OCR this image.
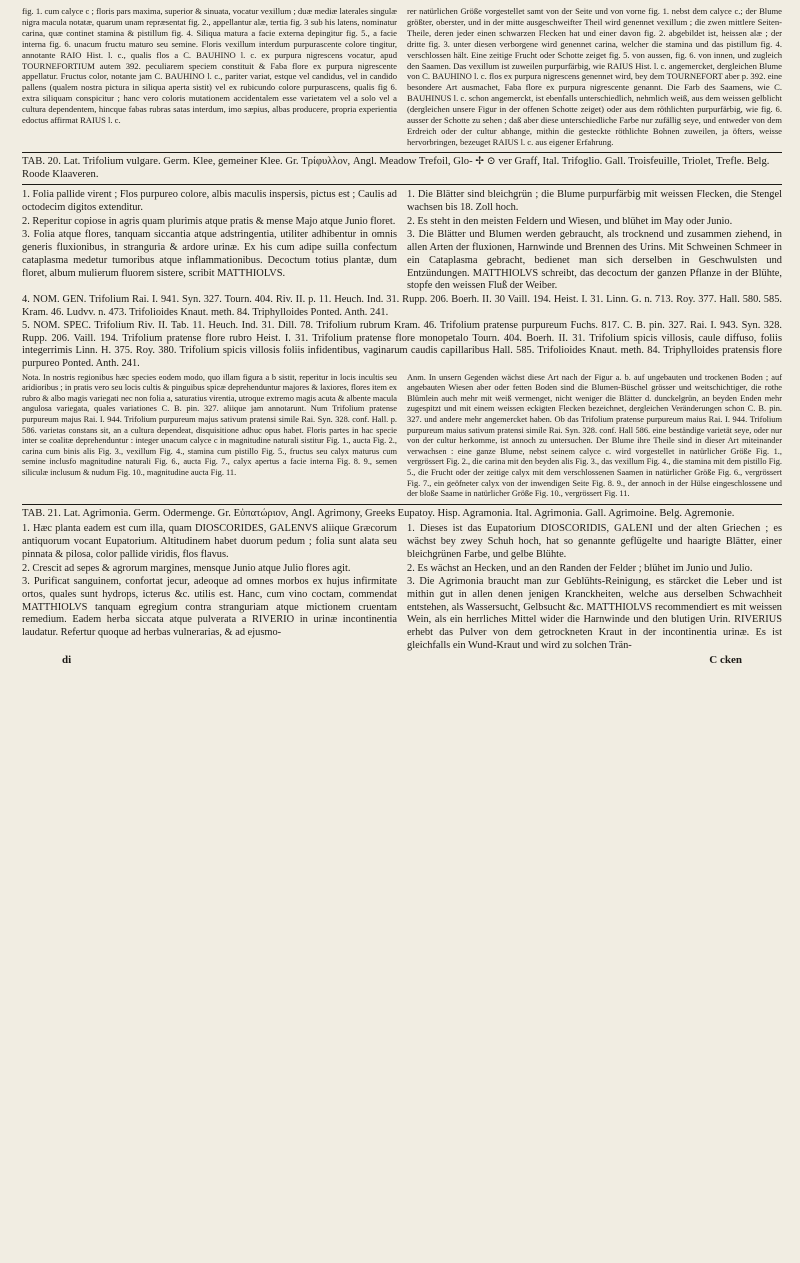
fig. 1. cum calyce c ; floris pars maxima, superior & sinuata, vocatur vexillum ; duæ mediæ laterales singulæ nigra macula notatæ, quarum unam repræsentat fig. 2., appellantur alæ, tertia fig. 3 sub his latens, nominatur carina, quæ continet stamina & pistillum fig. 4. Siliqua matura a facie externa depingitur fig. 5., a facie interna fig. 6. unacum fructu maturo seu semine. Floris vexillum interdum purpurascente colore tingitur, annotante RAIO Hist. l. c., qualis flos a C. BAUHINO l. c. ex purpura nigrescens vocatur, apud TOURNEFORTIUM autem 392. peculiarem speciem constituit & Faba flore ex purpura nigrescente appellatur. Fructus color, notante jam C. BAUHINO l. c., pariter variat, estque vel candidus, vel in candido pallens (qualem nostra pictura in siliqua aperta sistit) vel ex rubicundo colore purpurascens, qualis fig 6. extra siliquam conspicitur ; hanc vero coloris mutationem accidentalem esse varietatem vel a solo vel a cultura dependentem, hincque fabas rubras satas interdum, imo sæpius, albas producere, propria experientia edoctus affirmat RAIUS l. c.

rer natürlichen Größe vorgestellet samt von der Seite und von vorne fig. 1. nebst dem calyce c.; der Blume größter, oberster, und in der mitte ausgeschweifter Theil wird genennet vexillum ; die zwen mittlere Seiten-Theile, deren jeder einen schwarzen Flecken hat und einer davon fig. 2. abgebildet ist, heissen alæ ; der dritte fig. 3. unter diesen verborgene wird genennet carina, welcher die stamina und das pistillum fig. 4. verschlossen hält. Eine zeitige Frucht oder Schotte zeiget fig. 5. von aussen, fig. 6. von innen, und zugleich den Saamen. Das vexillum ist zuweilen purpurfärbig, wie RAIUS Hist. l. c. angemercket, dergleichen Blume von C. BAUHINO l. c. flos ex purpura nigrescens genennet wird, bey dem TOURNEFORT aber p. 392. eine besondere Art ausmachet, Faba flore ex purpura nigrescente genannt. Die Farb des Saamens, wie C. BAUHINUS l. c. schon angemerckt, ist ebenfalls unterschiedlich, nehmlich weiß, aus dem weissen gelblicht (dergleichen unsere Figur in der offenen Schotte zeiget) oder aus dem röthlichten purpurfärbig, wie fig. 6. ausser der Schotte zu sehen ; daß aber diese unterschiedliche Farbe nur zufällig seye, und entweder von dem Erdreich oder der cultur abhange, mithin die gesteckte röthlichte Bohnen zuweilen, ja öfters, weisse hervorbringen, bezeuget RAIUS l. c. aus eigener Erfahrung.

TAB. 20. Lat. Trifolium vulgare. Germ. Klee, gemeiner Klee. Gr. Τρίφυλλον, Angl. Meadow Trefoil, Glo- ✢ ⊙ ver Graff, Ital. Trifoglio. Gall. Troisfeuille, Triolet, Trefle. Belg. Roode Klaaveren.

1. Folia pallide virent ; Flos purpureo colore, albis maculis inspersis, pictus est ; Caulis ad octodecim digitos extenditur.

2. Reperitur copiose in agris quam plurimis atque pratis & mense Majo atque Junio floret.

3. Folia atque flores, tanquam siccantia atque adstringentia, utiliter adhibentur in omnis generis fluxionibus, in stranguria & ardore urinæ. Ex his cum adipe suilla confectum cataplasma medetur tumoribus atque inflammationibus. Decoctum totius plantæ, dum floret, album mulierum fluorem sistere, scribit MATTHIOLVS.

1. Die Blätter sind bleichgrün ; die Blume purpurfärbig mit weissen Flecken, die Stengel wachsen bis 18. Zoll hoch.

2. Es steht in den meisten Feldern und Wiesen, und blühet im May oder Junio.

3. Die Blätter und Blumen werden gebraucht, als trocknend und zusammen ziehend, in allen Arten der fluxionen, Harnwinde und Brennen des Urins. Mit Schweinen Schmeer in ein Cataplasma gebracht, bedienet man sich derselben in Geschwulsten und Entzündungen. MATTHIOLVS schreibt, das decoctum der ganzen Pflanze in der Blühte, stopfe den weissen Fluß der Weiber.

4. NOM. GEN. Trifolium Rai. I. 941. Syn. 327. Tourn. 404. Riv. II. p. 11. Heuch. Ind. 31. Rupp. 206. Boerh. II. 30 Vaill. 194. Heist. I. 31. Linn. G. n. 713. Roy. 377. Hall. 580. 585. Kram. 46. Ludvv. n. 473. Trifolioides Knaut. meth. 84. Triphylloides Ponted. Anth. 241.

5. NOM. SPEC. Trifolium Riv. II. Tab. 11. Heuch. Ind. 31. Dill. 78. Trifolium rubrum Kram. 46. Trifolium pratense purpureum Fuchs. 817. C. B. pin. 327. Rai. I. 943. Syn. 328. Rupp. 206. Vaill. 194. Trifolium pratense flore rubro Heist. I. 31. Trifolium pratense flore monopetalo Tourn. 404. Boerh. II. 31. Trifolium spicis villosis, caule diffuso, foliis integerrimis Linn. H. 375. Roy. 380. Trifolium spicis villosis foliis infidentibus, vaginarum caudis capillaribus Hall. 585. Trifolioides Knaut. meth. 84. Triphylloides pratensis flore purpureo Ponted. Anth. 241.

Nota. In nostris regionibus hæc species eodem modo, quo illam figura a b sistit, reperitur in locis incultis seu aridioribus ; in pratis vero seu locis cultis & pinguibus spicæ deprehenduntur majores & laxiores, flores item ex rubro & albo magis variegati nec non folia a, saturatius virentia, utroque extremo magis acuta & albente macula angulosa variegata, quales variationes C. B. pin. 327. aliique jam annotarunt. Num Trifolium pratense purpureum majus Rai. I. 944. Trifolium purpureum majus sativum pratensi simile Rai. Syn. 328. conf. Hall. p. 586. varietas constans sit, an a cultura dependeat, disquisitione adhuc opus habet. Floris partes in hac specie inter se coalitæ deprehenduntur : integer unacum calyce c in magnitudine naturali sistitur Fig. 1., aucta Fig. 2., carina cum binis alis Fig. 3., vexillum Fig. 4., stamina cum pistillo Fig. 5., fructus seu calyx maturus cum semine inclusfo magnitudine naturali Fig. 6., aucta Fig. 7., calyx apertus a facie interna Fig. 8. 9., semen siliculæ inclusum & nudum Fig. 10., magnitudine aucta Fig. 11.

Anm. In unsern Gegenden wächst diese Art nach der Figur a. b. auf ungebauten und trockenen Boden ; auf angebauten Wiesen aber oder fetten Boden sind die Blumen-Büschel grösser und weitschichtiger, die rothe Blümlein auch mehr mit weiß vermenget, nicht weniger die Blätter d. dunckelgrün, an beyden Enden mehr zugespitzt und mit einem weissen eckigten Flecken bezeichnet, dergleichen Veränderungen schon C. B. pin. 327. und andere mehr angemercket haben. Ob das Trifolium pratense purpureum maius Rai. I. 944. Trifolium purpureum maius sativum pratensi simile Rai. Syn. 328. conf. Hall 586. eine beständige varietät seye, oder nur von der cultur herkomme, ist annoch zu untersuchen. Der Blume ihre Theile sind in dieser Art miteinander verwachsen : eine ganze Blume, nebst seinem calyce c. wird vorgestellet in natürlicher Größe Fig. 1., vergrössert Fig. 2., die carina mit den beyden alis Fig. 3., das vexillum Fig. 4., die stamina mit dem pistillo Fig. 5., die Frucht oder der zeitige calyx mit dem verschlossenen Saamen in natürlicher Größe Fig. 6., vergrössert Fig. 7., ein geöfneter calyx von der inwendigen Seite Fig. 8. 9., der annoch in der Hülse eingeschlossene und der bloße Saame in natürlicher Größe Fig. 10., vergrössert Fig. 11.

TAB. 21. Lat. Agrimonia. Germ. Odermenge. Gr. Εὐπατώριον, Angl. Agrimony, Greeks Eupatoy. Hisp. Agramonia. Ital. Agrimonia. Gall. Agrimoine. Belg. Agremonie.

1. Hæc planta eadem est cum illa, quam DIOSCORIDES, GALENVS aliique Græcorum antiquorum vocant Eupatorium. Altitudinem habet duorum pedum ; folia sunt alata seu pinnata & pilosa, color pallide viridis, flos flavus.

2. Crescit ad sepes & agrorum margines, mensque Junio atque Julio flores agit.

3. Purificat sanguinem, confortat jecur, adeoque ad omnes morbos ex hujus infirmitate ortos, quales sunt hydrops, icterus &c. utilis est. Hanc, cum vino coctam, commendat MATTHIOLVS tanquam egregium contra stranguriam atque mictionem cruentam remedium. Eadem herba siccata atque pulverata a RIVERIO in urinæ incontinentia laudatur. Refertur quoque ad herbas vulnerarias, & ad ejusmo-

1. Dieses ist das Eupatorium DIOSCORIDIS, GALENI und der alten Griechen ; es wächst bey zwey Schuh hoch, hat so genannte geflügelte und haarigte Blätter, einer bleichgrünen Farbe, und gelbe Blühte.

2. Es wächst an Hecken, und an den Randen der Felder ; blühet im Junio und Julio.

3. Die Agrimonia braucht man zur Geblühts-Reinigung, es stärcket die Leber und ist mithin gut in allen denen jenigen Kranckheiten, welche aus derselben Schwachheit entstehen, als Wassersucht, Gelbsucht &c. MATTHIOLVS recommendiert es mit weissen Wein, als ein herrliches Mittel wider die Harnwinde und den blutigen Urin. RIVERIUS erhebt das Pulver von dem getrockneten Kraut in der incontinentia urinæ. Es ist gleichfalls ein Wund-Kraut und wird zu solchen Trän-

di	C cken
